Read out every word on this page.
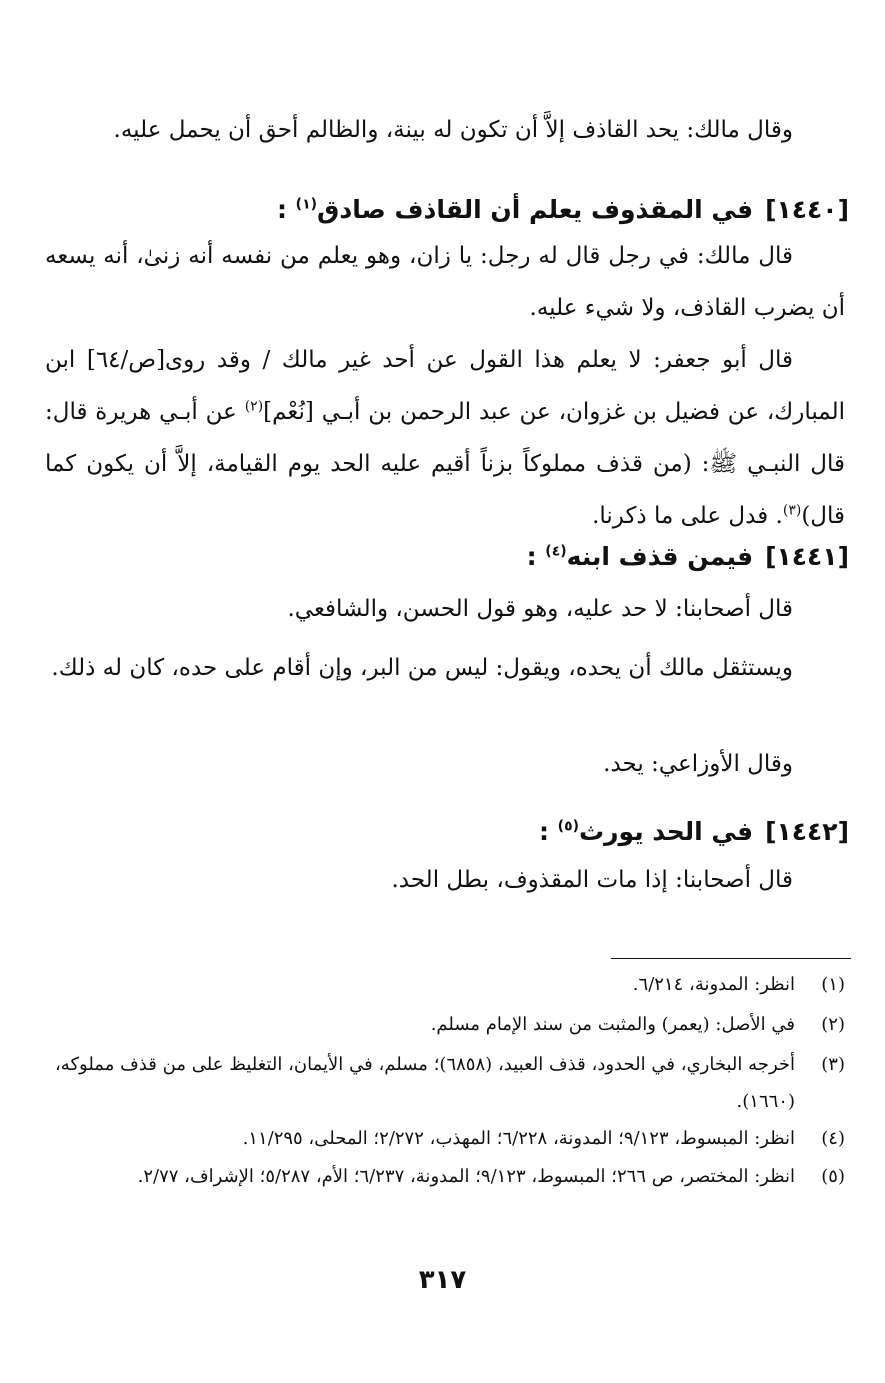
وقال مالك: يحد القاذف إلاَّ أن تكون له بينة، والظالم أحق أن يحمل عليه.

[١٤٤٠]في المقذوف يعلم أن القاذف صادق$^{(١)}$ :

قال مالك: في رجل قال له رجل: يا زان، وهو يعلم من نفسه أنه زنىٰ، أنه يسعه أن يضرب القاذف، ولا شيء عليه.

قال أبو جعفر: لا يعلم هذا القول عن أحد غير مالك / وقد روى[ص/٦٤] ابن المبارك، عن فضيل بن غزوان، عن عبد الرحمن بن أبـي [نُعْم]$^{(٢)}$ عن أبـي هريرة قال: قال النبـي ﷺ: (من قذف مملوكاً بزناً أقيم عليه الحد يوم القيامة، إلاَّ أن يكون كما قال)$^{(٣)}$. فدل على ما ذكرنا.

[١٤٤١]فيمن قذف ابنه$^{(٤)}$ :

قال أصحابنا: لا حد عليه، وهو قول الحسن، والشافعي.

ويستثقل مالك أن يحده، ويقول: ليس من البر، وإن أقام على حده، كان له ذلك.

وقال الأوزاعي: يحد.

[١٤٤٢]في الحد يورث$^{(٥)}$ :

قال أصحابنا: إذا مات المقذوف، بطل الحد.

(١)
انظر: المدونة، ٦/٢١٤.
(٢)
في الأصل: (يعمر) والمثبت من سند الإمام مسلم.
(٣)
أخرجه البخاري، في الحدود، قذف العبيد، (٦٨٥٨)؛ مسلم، في الأيمان، التغليظ على من قذف مملوكه، (١٦٦٠).
(٤)
انظر: المبسوط، ٩/١٢٣؛ المدونة، ٦/٢٢٨؛ المهذب، ٢/٢٧٢؛ المحلى، ١١/٢٩٥.
(٥)
انظر: المختصر، ص ٢٦٦؛ المبسوط، ٩/١٢٣؛ المدونة، ٦/٢٣٧؛ الأم، ٥/٢٨٧؛ الإشراف، ٢/٧٧.
٣١٧
